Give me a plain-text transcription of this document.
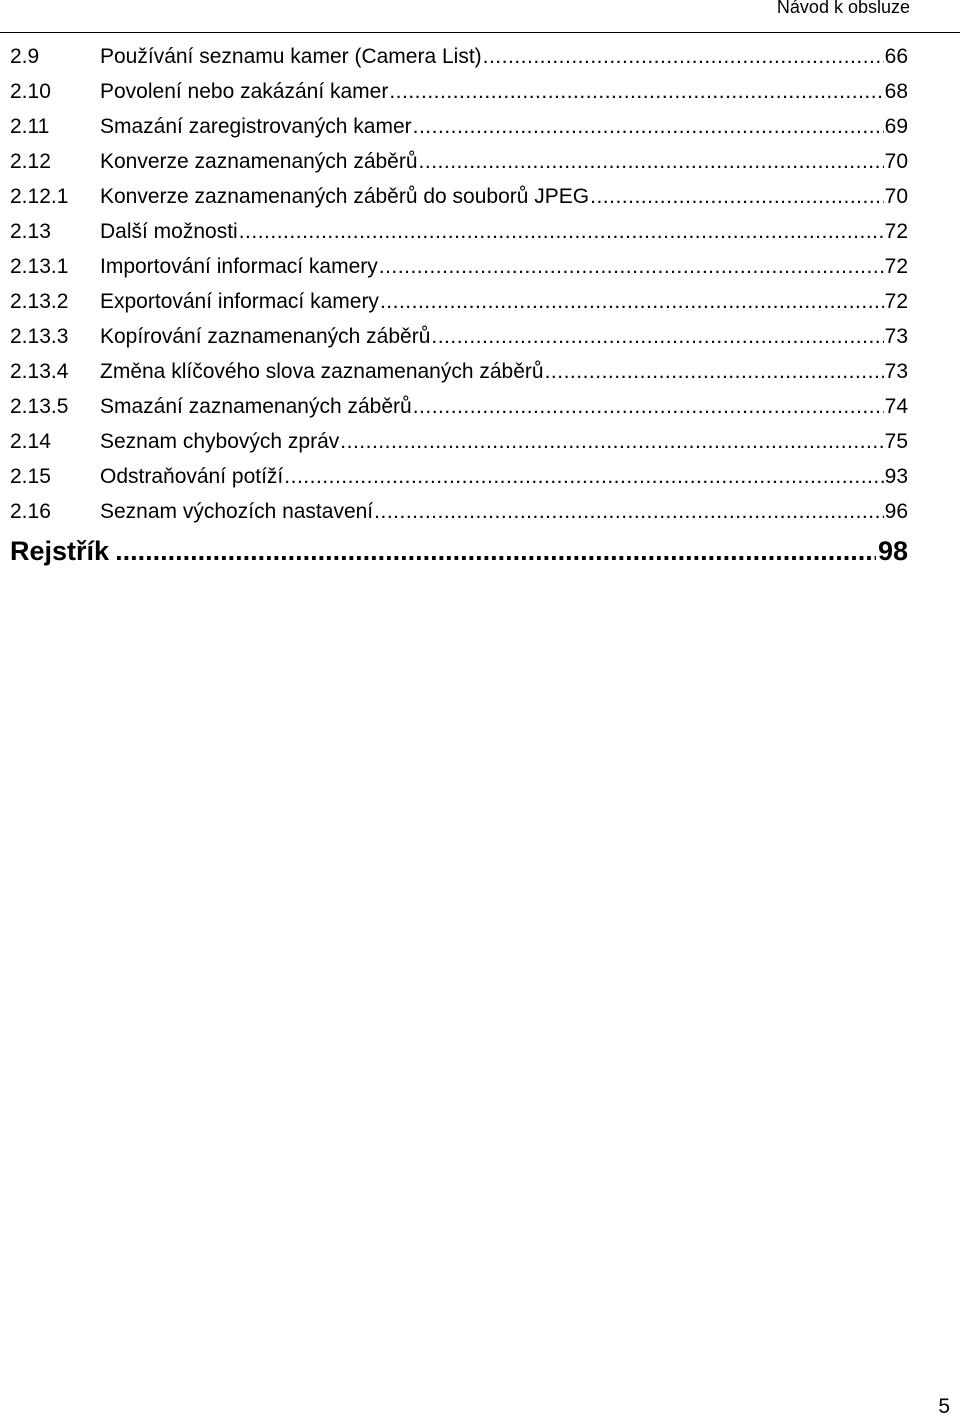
Návod k obsluze
2.9	Používání seznamu kamer (Camera List) .....	66
2.10	Povolení nebo zakázání kamer .....	68
2.11	Smazání zaregistrovaných kamer .....	69
2.12	Konverze zaznamenaných záběrů .....	70
2.12.1	Konverze zaznamenaných záběrů do souborů JPEG .....	70
2.13	Další možnosti .....	72
2.13.1	Importování informací kamery .....	72
2.13.2	Exportování informací kamery .....	72
2.13.3	Kopírování zaznamenaných záběrů .....	73
2.13.4	Změna klíčového slova zaznamenaných záběrů .....	73
2.13.5	Smazání zaznamenaných záběrů .....	74
2.14	Seznam chybových zpráv .....	75
2.15	Odstraňování potíží .....	93
2.16	Seznam výchozích nastavení .....	96
Rejstřík .....	98
5
